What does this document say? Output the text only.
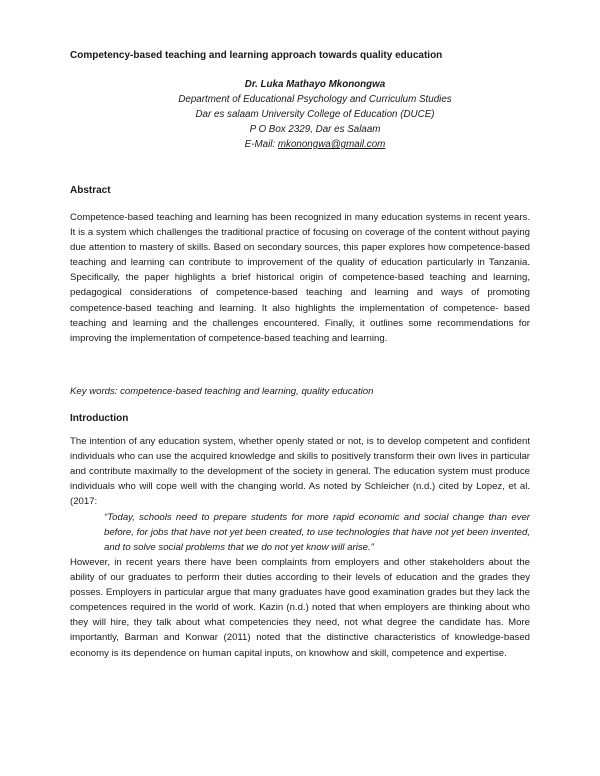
Competency-based teaching and learning approach towards quality education
Dr. Luka Mathayo Mkonongwa
Department of Educational Psychology and Curriculum Studies
Dar es salaam University College of Education (DUCE)
P O Box 2329, Dar es Salaam
E-Mail: mkonongwa@gmail.com
Abstract

Competence-based teaching and learning has been recognized in many education systems in recent years. It is a system which challenges the traditional practice of focusing on coverage of the content without paying due attention to mastery of skills. Based on secondary sources, this paper explores how competence-based teaching and learning can contribute to improvement of the quality of education particularly in Tanzania. Specifically, the paper highlights a brief historical origin of competence-based teaching and learning, pedagogical considerations of competence-based teaching and learning and ways of promoting competence-based teaching and learning. It also highlights the implementation of competence- based teaching and learning and the challenges encountered. Finally, it outlines some recommendations for improving the implementation of competence-based teaching and learning.

Key words: competence-based teaching and learning, quality education
Introduction

The intention of any education system, whether openly stated or not, is to develop competent and confident individuals who can use the acquired knowledge and skills to positively transform their own lives in particular and contribute maximally to the development of the society in general. The education system must produce individuals who will cope well with the changing world. As noted by Schleicher (n.d.) cited by Lopez, et al. (2017:

“Today, schools need to prepare students for more rapid economic and social change than ever before, for jobs that have not yet been created, to use technologies that have not yet been invented, and to solve social problems that we do not yet know will arise.”

However, in recent years there have been complaints from employers and other stakeholders about the ability of our graduates to perform their duties according to their levels of education and the grades they posses. Employers in particular argue that many graduates have good examination grades but they lack the competences required in the world of work. Kazin (n.d.) noted that when employers are thinking about who they will hire, they talk about what competencies they need, not what degree the candidate has. More importantly, Barman and Konwar (2011) noted that the distinctive characteristics of knowledge-based economy is its dependence on human capital inputs, on knowhow and skill, competence and expertise.
